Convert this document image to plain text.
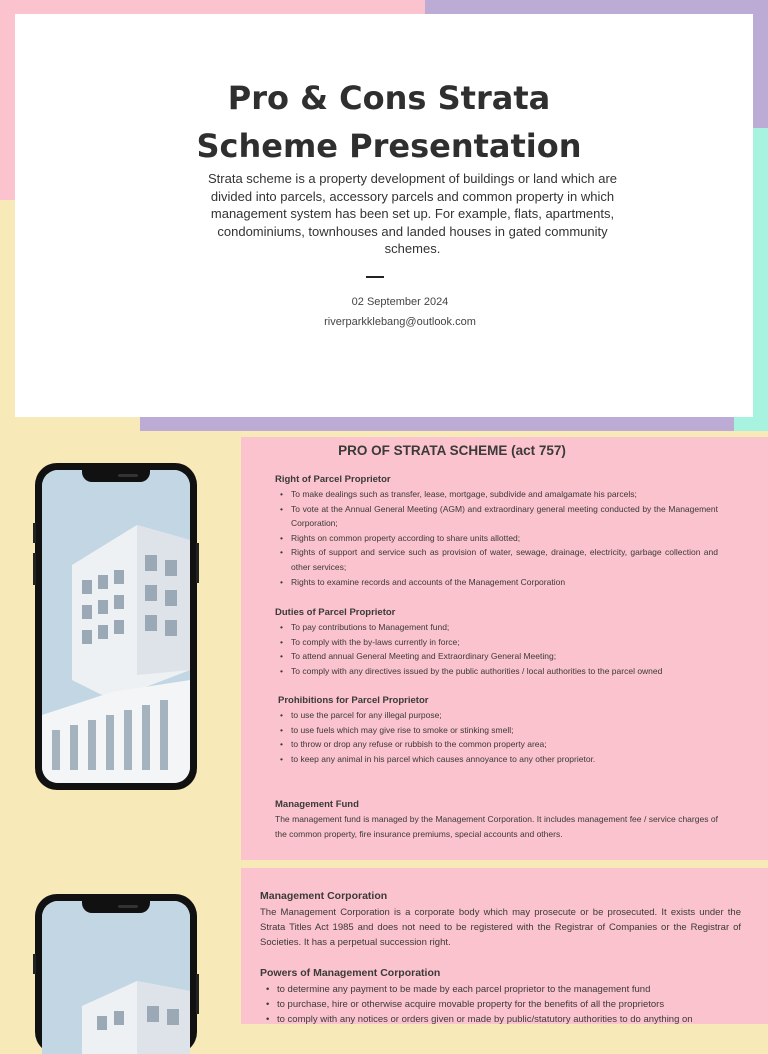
Pro & Cons Strata
Scheme Presentation

Strata scheme is a property development of buildings or land which are divided into parcels, accessory parcels and common property in which management system has been set up. For example, flats, apartments, condominiums, townhouses and landed houses in gated community schemes.

02 September 2024
riverparkklebang@outlook.com
PRO OF STRATA SCHEME (act 757)
Right of Parcel Proprietor
• To make dealings such as transfer, lease, mortgage, subdivide and amalgamate his parcels;
• To vote at the Annual General Meeting (AGM) and extraordinary general meeting conducted by the Management Corporation;
• Rights on common property according to share units allotted;
• Rights of support and service such as provision of water, sewage, drainage, electricity, garbage collection and other services;
• Rights to examine records and accounts of the Management Corporation
Duties of Parcel Proprietor
• To pay contributions to Management fund;
• To comply with the by-laws currently in force;
• To attend annual General Meeting and Extraordinary General Meeting;
• To comply with any directives issued by the public authorities / local authorities to the parcel owned
Prohibitions for Parcel Proprietor
• to use the parcel for any illegal purpose;
• to use fuels which may give rise to smoke or stinking smell;
• to throw or drop any refuse or rubbish to the common property area;
• to keep any animal in his parcel which causes annoyance to any other proprietor.
Management Fund

The management fund is managed by the Management Corporation. It includes management fee / service charges of the common property, fire insurance premiums, special accounts and others.

Management Corporation

The Management Corporation is a corporate body which may prosecute or be prosecuted. It exists under the Strata Titles Act 1985 and does not need to be registered with the Registrar of Companies or the Registrar of Societies. It has a perpetual succession right.

Powers of Management Corporation
• to determine any payment to be made by each parcel proprietor to the management fund
• to purchase, hire or otherwise acquire movable property for the benefits of all the proprietors
• to comply with any notices or orders given or made by public/statutory authorities to do anything on
